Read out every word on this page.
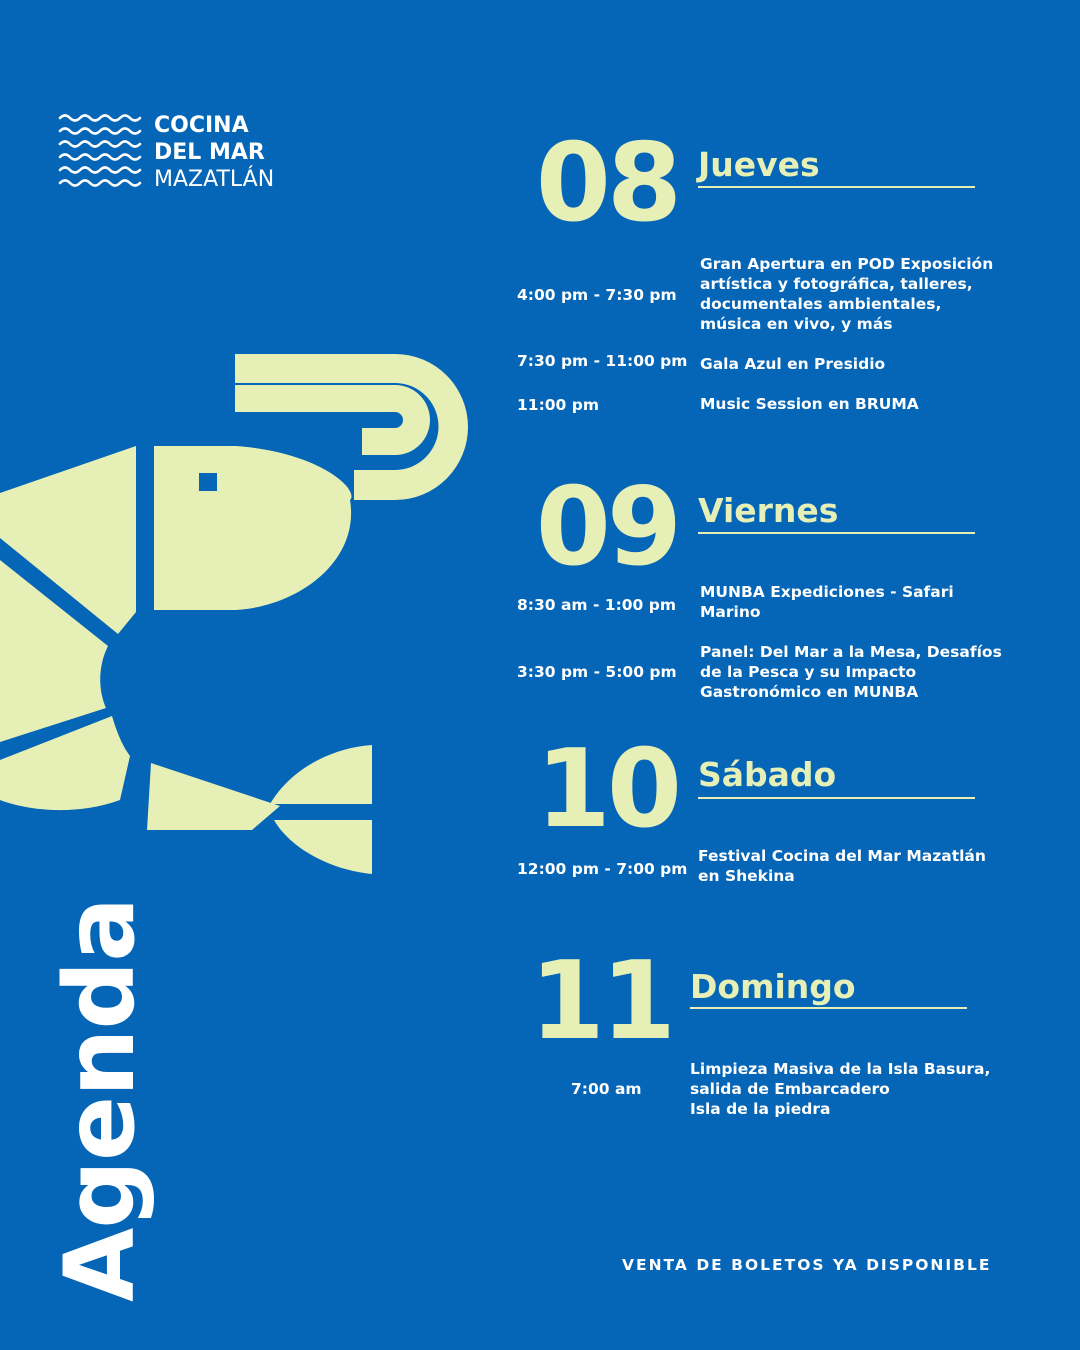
COCINA
DEL MAR
MAZATLÁN
Agenda
08 Jueves
4:00 pm - 7:30 pm
Gran Apertura en POD Exposición
artística y fotográfica, talleres,
documentales ambientales,
música en vivo, y más
7:30 pm - 11:00 pm Gala Azul en Presidio
11:00 pm	Music Session en BRUMA
09 Viernes
8:30 am - 1:00 pm
MUNBA Expediciones - Safari
Marino
3:30 pm - 5:00 pm
Panel: Del Mar a la Mesa, Desafíos
de la Pesca y su Impacto
Gastronómico en MUNBA
10 Sábado
12:00 pm - 7:00 pm
Festival Cocina del Mar Mazatlán
en Shekina
11 Domingo
7:00 am
Limpieza Masiva de la Isla Basura,
salida de Embarcadero
Isla de la piedra
VENTA DE BOLETOS YA DISPONIBLE
